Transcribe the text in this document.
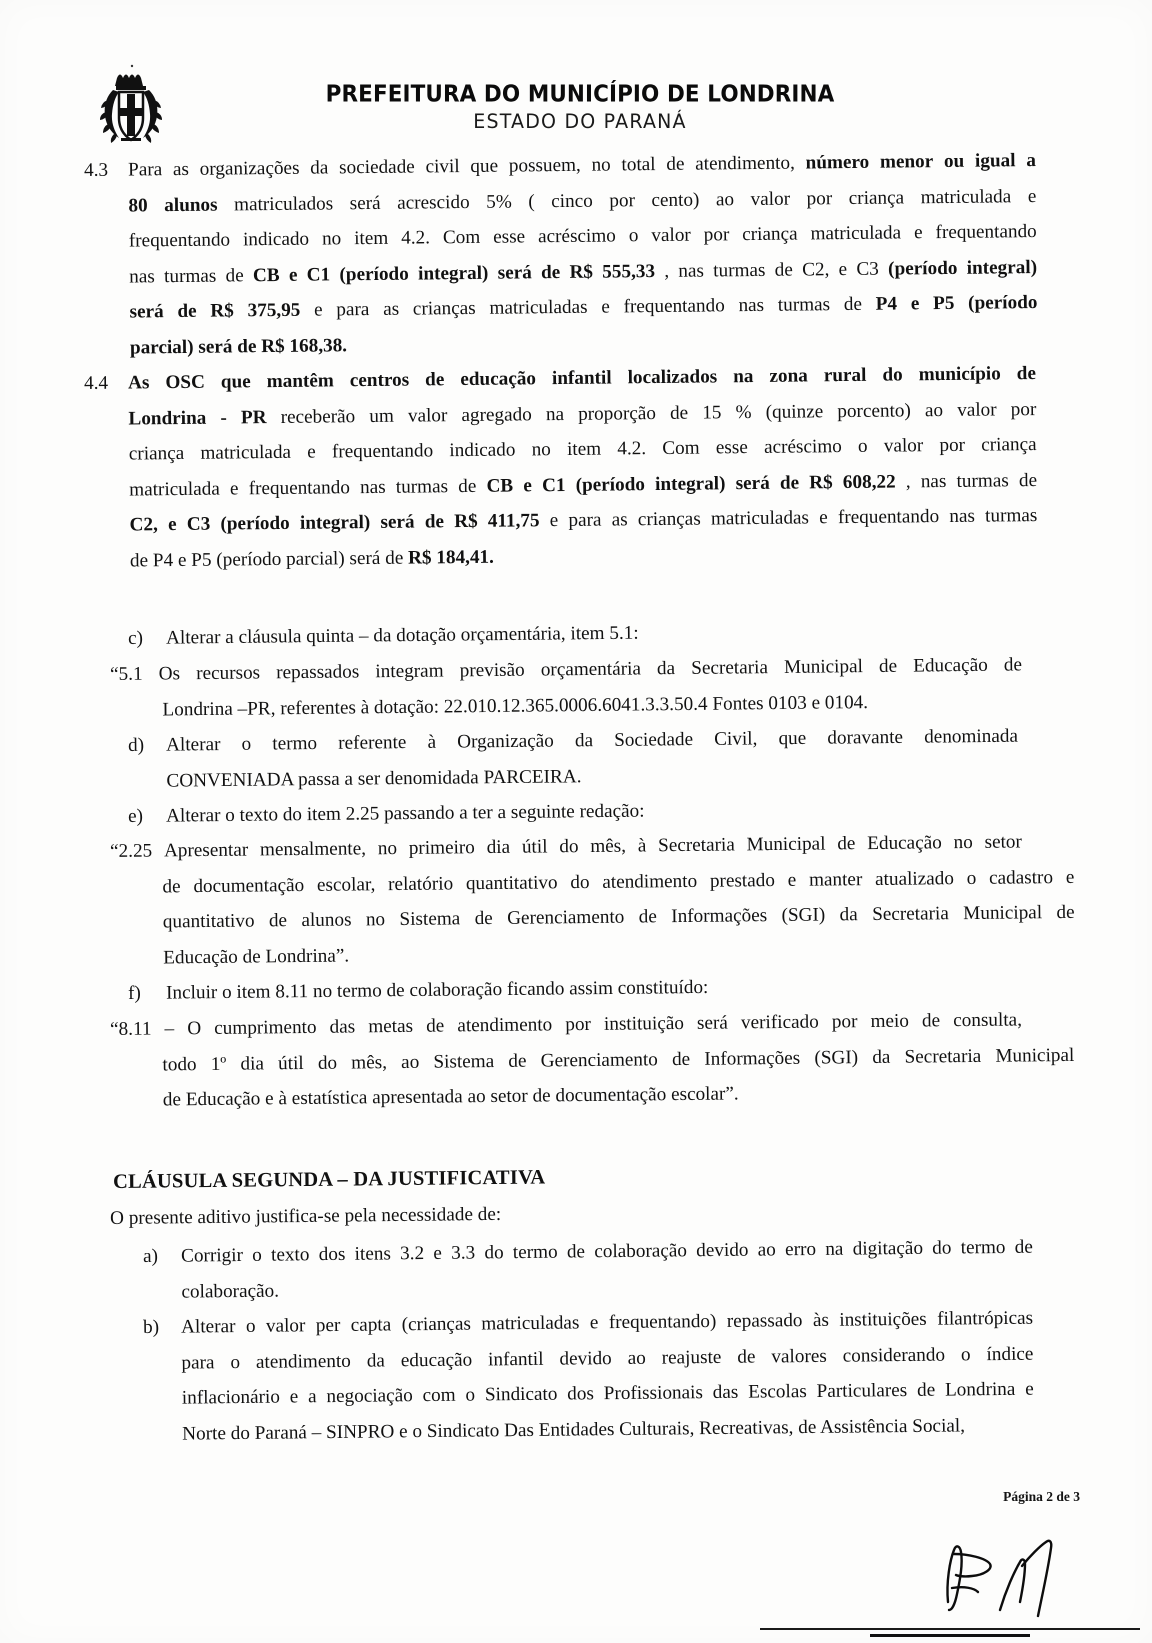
PREFEITURA DO MUNICÍPIO DE LONDRINA
ESTADO DO PARANÁ
4.3 Para as organizações da sociedade civil que possuem, no total de atendimento, número menor ou igual a
80 alunos matriculados será acrescido 5% ( cinco por cento) ao valor por criança matriculada e
frequentando indicado no item 4.2. Com esse acréscimo o valor por criança matriculada e frequentando
nas turmas de CB e C1 (período integral) será de R$ 555,33 , nas turmas de C2, e C3 (período integral)
será de R$ 375,95 e para as crianças matriculadas e frequentando nas turmas de P4 e P5 (período
parcial) será de R$ 168,38.
4.4 As OSC que mantêm centros de educação infantil localizados na zona rural do município de
Londrina - PR receberão um valor agregado na proporção de 15 % (quinze porcento) ao valor por
criança matriculada e frequentando indicado no item 4.2. Com esse acréscimo o valor por criança
matriculada e frequentando nas turmas de CB e C1 (período integral) será de R$ 608,22 , nas turmas de
C2, e C3 (período integral) será de R$ 411,75 e para as crianças matriculadas e frequentando nas turmas
de P4 e P5 (período parcial) será de R$ 184,41.
c) Alterar a cláusula quinta – da dotação orçamentária, item 5.1:
“5.1 Os recursos repassados integram previsão orçamentária da Secretaria Municipal de Educação de
Londrina –PR, referentes à dotação: 22.010.12.365.0006.6041.3.3.50.4 Fontes 0103 e 0104.
d) Alterar o termo referente à Organização da Sociedade Civil, que doravante denominada
CONVENIADA passa a ser denomidada PARCEIRA.
e) Alterar o texto do item 2.25 passando a ter a seguinte redação:
“2.25 Apresentar mensalmente, no primeiro dia útil do mês, à Secretaria Municipal de Educação no setor
de documentação escolar, relatório quantitativo do atendimento prestado e manter atualizado o cadastro e
quantitativo de alunos no Sistema de Gerenciamento de Informações (SGI) da Secretaria Municipal de
Educação de Londrina”.
f) Incluir o item 8.11 no termo de colaboração ficando assim constituído:
“8.11 – O cumprimento das metas de atendimento por instituição será verificado por meio de consulta,
todo 1º dia útil do mês, ao Sistema de Gerenciamento de Informações (SGI) da Secretaria Municipal
de Educação e à estatística apresentada ao setor de documentação escolar”.
CLÁUSULA SEGUNDA – DA JUSTIFICATIVA
O presente aditivo justifica-se pela necessidade de:
a) Corrigir o texto dos itens 3.2 e 3.3 do termo de colaboração devido ao erro na digitação do termo de
colaboração.
b) Alterar o valor per capta (crianças matriculadas e frequentando) repassado às instituições filantrópicas
para o atendimento da educação infantil devido ao reajuste de valores considerando o índice
inflacionário e a negociação com o Sindicato dos Profissionais das Escolas Particulares de Londrina e
Norte do Paraná – SINPRO e o Sindicato Das Entidades Culturais, Recreativas, de Assistência Social,
Página 2 de 3
